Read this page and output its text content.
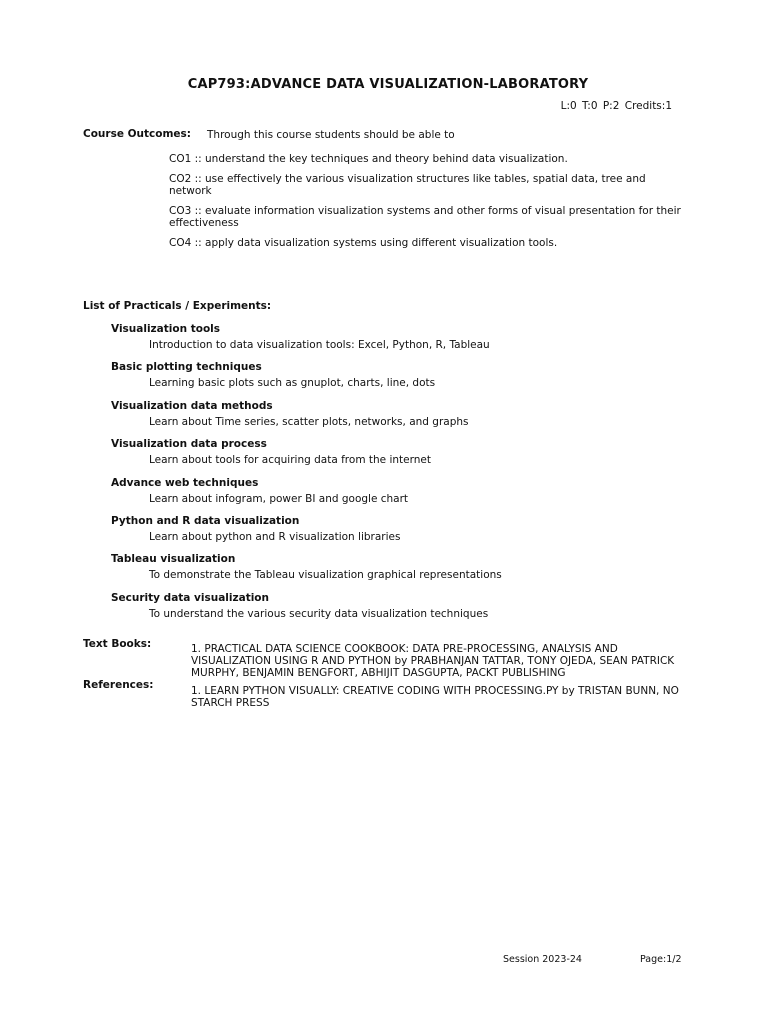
CAP793:ADVANCE DATA VISUALIZATION-LABORATORY
L:0 T:0 P:2 Credits:1
Course Outcomes: Through this course students should be able to
CO1 :: understand the key techniques and theory behind data visualization.
CO2 :: use effectively the various visualization structures like tables, spatial data, tree and network
CO3 :: evaluate information visualization systems and other forms of visual presentation for their effectiveness
CO4 :: apply data visualization systems using different visualization tools.
List of Practicals / Experiments:
Visualization tools
Introduction to data visualization tools: Excel, Python, R, Tableau
Basic plotting techniques
Learning basic plots such as gnuplot, charts, line, dots
Visualization data methods
Learn about Time series, scatter plots, networks, and graphs
Visualization data process
Learn about tools for acquiring data from the internet
Advance web techniques
Learn about infogram, power BI and google chart
Python and R data visualization
Learn about python and R visualization libraries
Tableau visualization
To demonstrate the Tableau visualization graphical representations
Security data visualization
To understand the various security data visualization techniques
Text Books:	1. PRACTICAL DATA SCIENCE COOKBOOK: DATA PRE-PROCESSING, ANALYSIS AND VISUALIZATION USING R AND PYTHON by PRABHANJAN TATTAR, TONY OJEDA, SEAN PATRICK MURPHY, BENJAMIN BENGFORT, ABHIJIT DASGUPTA, PACKT PUBLISHING
References:	1. LEARN PYTHON VISUALLY: CREATIVE CODING WITH PROCESSING.PY by TRISTAN BUNN, NO STARCH PRESS
Session 2023-24	Page:1/2
